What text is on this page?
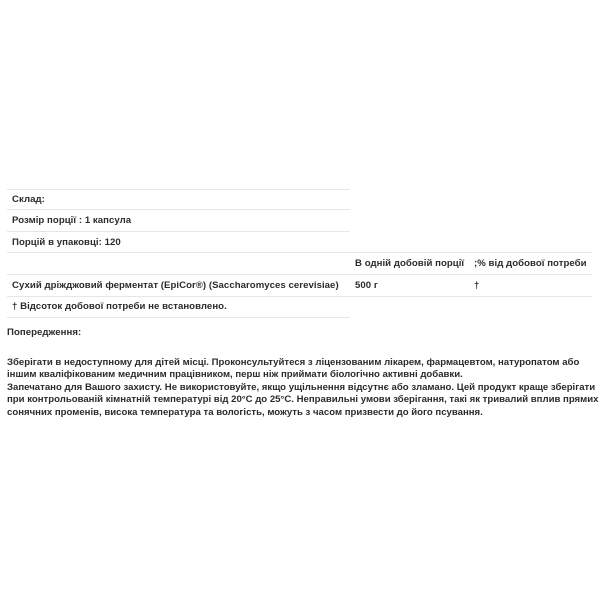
Склад:
Розмір порції : 1 капсула
Порцій в упаковці: 120
В одній добовій порції ;% від добової потреби
Сухий дріжджовий ферментат (EpiCor®) (Saccharomyces cerevisiae) 500 г	†
† Відсоток добової потреби не встановлено.
Попередження:
Зберігати в недоступному для дітей місці. Проконсультуйтеся з ліцензованим лікарем, фармацевтом, натуропатом або
іншим кваліфікованим медичним працівником, перш ніж приймати біологічно активні добавки.
Запечатано для Вашого захисту. Не використовуйте, якщо ущільнення відсутнє або зламано. Цей продукт краще зберігати
при контрольованій кімнатній температурі від 20°C до 25°C. Неправильні умови зберігання, такі як тривалий вплив прямих
сонячних променів, висока температура та вологість, можуть з часом призвести до його псування.
